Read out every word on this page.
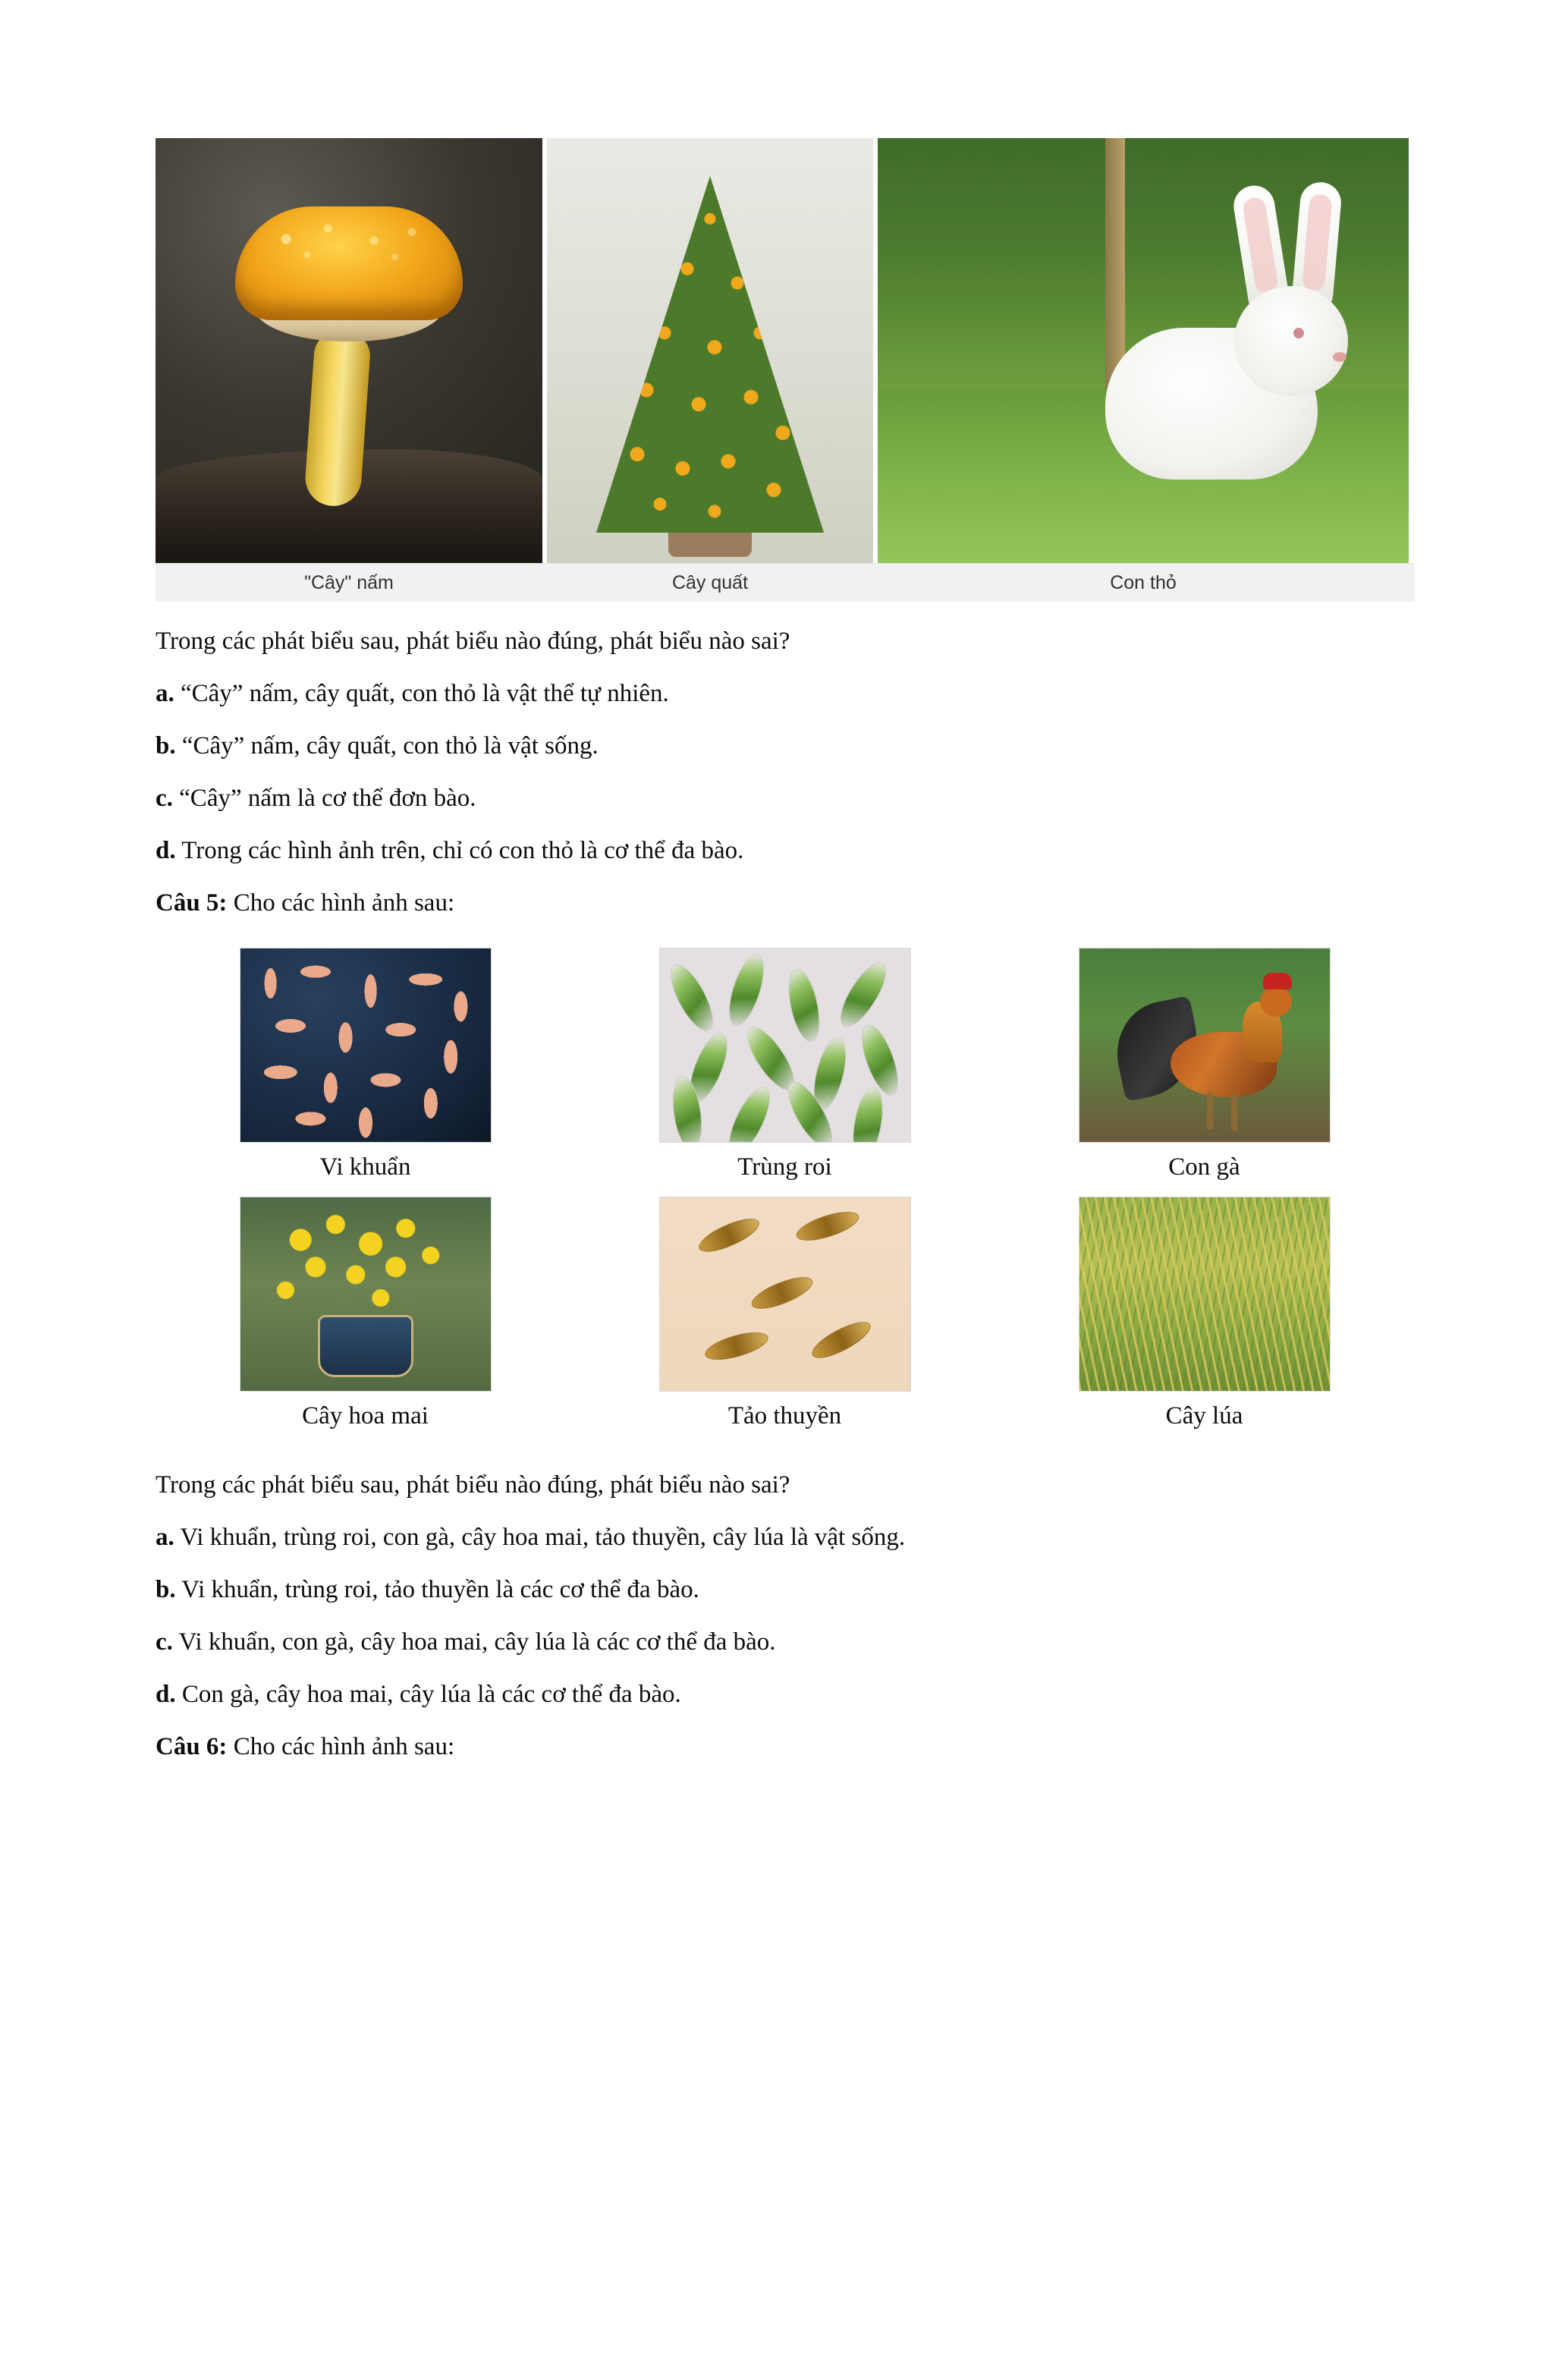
"Cây" nấm	Cây quất	Con thỏ

Trong các phát biểu sau, phát biểu nào đúng, phát biểu nào sai?

a. “Cây” nấm, cây quất, con thỏ là vật thể tự nhiên.

b. “Cây” nấm, cây quất, con thỏ là vật sống.

c. “Cây” nấm là cơ thể đơn bào.

d. Trong các hình ảnh trên, chỉ có con thỏ là cơ thể đa bào.

Câu 5: Cho các hình ảnh sau:

Vi khuẩn	Trùng roi	Con gà
Cây hoa mai	Tảo thuyền	Cây lúa

Trong các phát biểu sau, phát biểu nào đúng, phát biểu nào sai?

a. Vi khuẩn, trùng roi, con gà, cây hoa mai, tảo thuyền, cây lúa là vật sống.

b. Vi khuẩn, trùng roi, tảo thuyền là các cơ thể đa bào.

c. Vi khuẩn, con gà, cây hoa mai, cây lúa là các cơ thể đa bào.

d. Con gà, cây hoa mai, cây lúa là các cơ thể đa bào.

Câu 6: Cho các hình ảnh sau:
